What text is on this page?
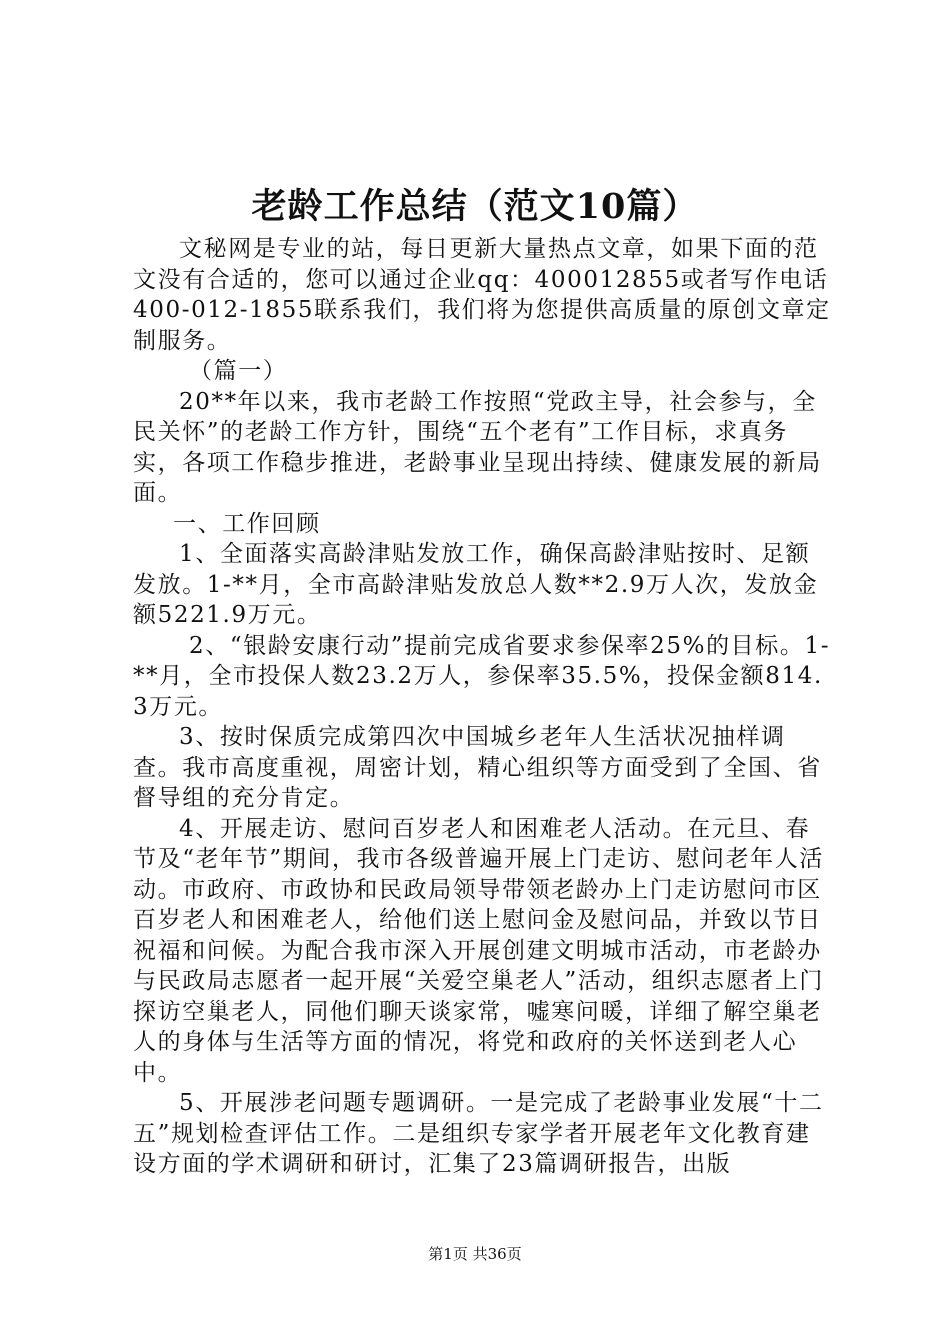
老龄工作总结（范文10篇）

文秘网是专业的站，每日更新大量热点文章，如果下面的范文没有合适的，您可以通过企业qq：400012855或者写作电话400-012-1855联系我们，我们将为您提供高质量的原创文章定制服务。

（篇一）

20**年以来，我市老龄工作按照“党政主导，社会参与，全民关怀”的老龄工作方针，围绕“五个老有”工作目标，求真务实，各项工作稳步推进，老龄事业呈现出持续、健康发展的新局面。

一、工作回顾

1、全面落实高龄津贴发放工作，确保高龄津贴按时、足额发放。1-**月，全市高龄津贴发放总人数**2.9万人次，发放金额5221.9万元。

2、“银龄安康行动”提前完成省要求参保率25%的目标。1-**月，全市投保人数23.2万人，参保率35.5%，投保金额814.3万元。

3、按时保质完成第四次中国城乡老年人生活状况抽样调查。我市高度重视，周密计划，精心组织等方面受到了全国、省督导组的充分肯定。

4、开展走访、慰问百岁老人和困难老人活动。在元旦、春节及“老年节”期间，我市各级普遍开展上门走访、慰问老年人活动。市政府、市政协和民政局领导带领老龄办上门走访慰问市区百岁老人和困难老人，给他们送上慰问金及慰问品，并致以节日祝福和问候。为配合我市深入开展创建文明城市活动，市老龄办与民政局志愿者一起开展“关爱空巢老人”活动，组织志愿者上门探访空巢老人，同他们聊天谈家常，嘘寒问暖，详细了解空巢老人的身体与生活等方面的情况，将党和政府的关怀送到老人心中。

5、开展涉老问题专题调研。一是完成了老龄事业发展“十二五”规划检查评估工作。二是组织专家学者开展老年文化教育建设方面的学术调研和研讨，汇集了23篇调研报告，出版

第1页 共36页
